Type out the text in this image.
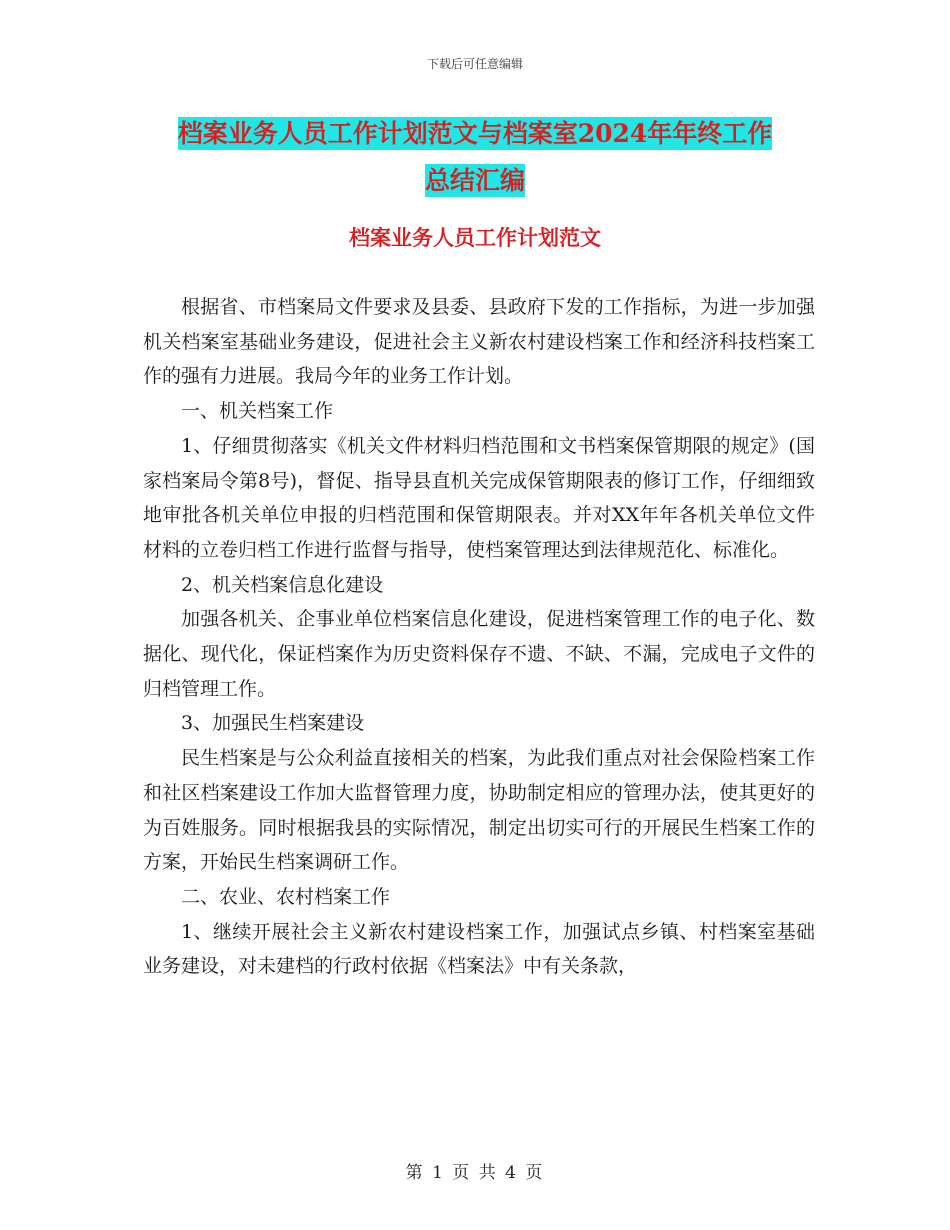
下载后可任意编辑
档案业务人员工作计划范文与档案室2024年年终工作
总结汇编
档案业务人员工作计划范文

根据省、市档案局文件要求及县委、县政府下发的工作指标，为进一步加强机关档案室基础业务建设，促进社会主义新农村建设档案工作和经济科技档案工作的强有力进展。我局今年的业务工作计划。

一、机关档案工作

1、仔细贯彻落实《机关文件材料归档范围和文书档案保管期限的规定》(国家档案局令第8号)，督促、指导县直机关完成保管期限表的修订工作，仔细细致地审批各机关单位申报的归档范围和保管期限表。并对XX年年各机关单位文件材料的立卷归档工作进行监督与指导，使档案管理达到法律规范化、标准化。

2、机关档案信息化建设

加强各机关、企事业单位档案信息化建设，促进档案管理工作的电子化、数据化、现代化，保证档案作为历史资料保存不遗、不缺、不漏，完成电子文件的归档管理工作。

3、加强民生档案建设

民生档案是与公众利益直接相关的档案，为此我们重点对社会保险档案工作和社区档案建设工作加大监督管理力度，协助制定相应的管理办法，使其更好的为百姓服务。同时根据我县的实际情况，制定出切实可行的开展民生档案工作的方案，开始民生档案调研工作。

二、农业、农村档案工作

1、继续开展社会主义新农村建设档案工作，加强试点乡镇、村档案室基础业务建设，对未建档的行政村依据《档案法》中有关条款，

第 1 页 共 4 页
